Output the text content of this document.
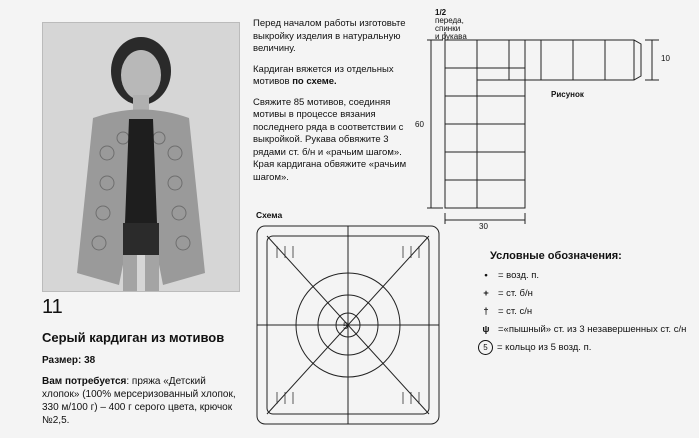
11
Серый кардиган из мотивов
Размер: 38
Вам потребуется: пряжа «Детский хлопок» (100% мерсеризованный хлопок, 330 м/100 г) – 400 г серого цвета, крючок №2,5.

Перед началом работы изготовьте выкройку изделия в натуральную величину.

Кардиган вяжется из отдельных мотивов по схеме.

Свяжите 85 мотивов, соединяя мотивы в процессе вязания последнего ряда в соответствии с выкройкой. Рукава обвяжите 3 рядами ст. б/н и «рачьим шагом». Края кардигана обвяжите «рачьим шагом».

1/2
переда,
спинки
и рукава
Рисунок
60
30
10
Схема
5
Условные обозначения:
•	= возд. п.
+ = ст. б/н
† = ст. с/н
ψ =«пышный» ст. из 3 незавершенных ст. с/н
5 = кольцо из 5 возд. п.
